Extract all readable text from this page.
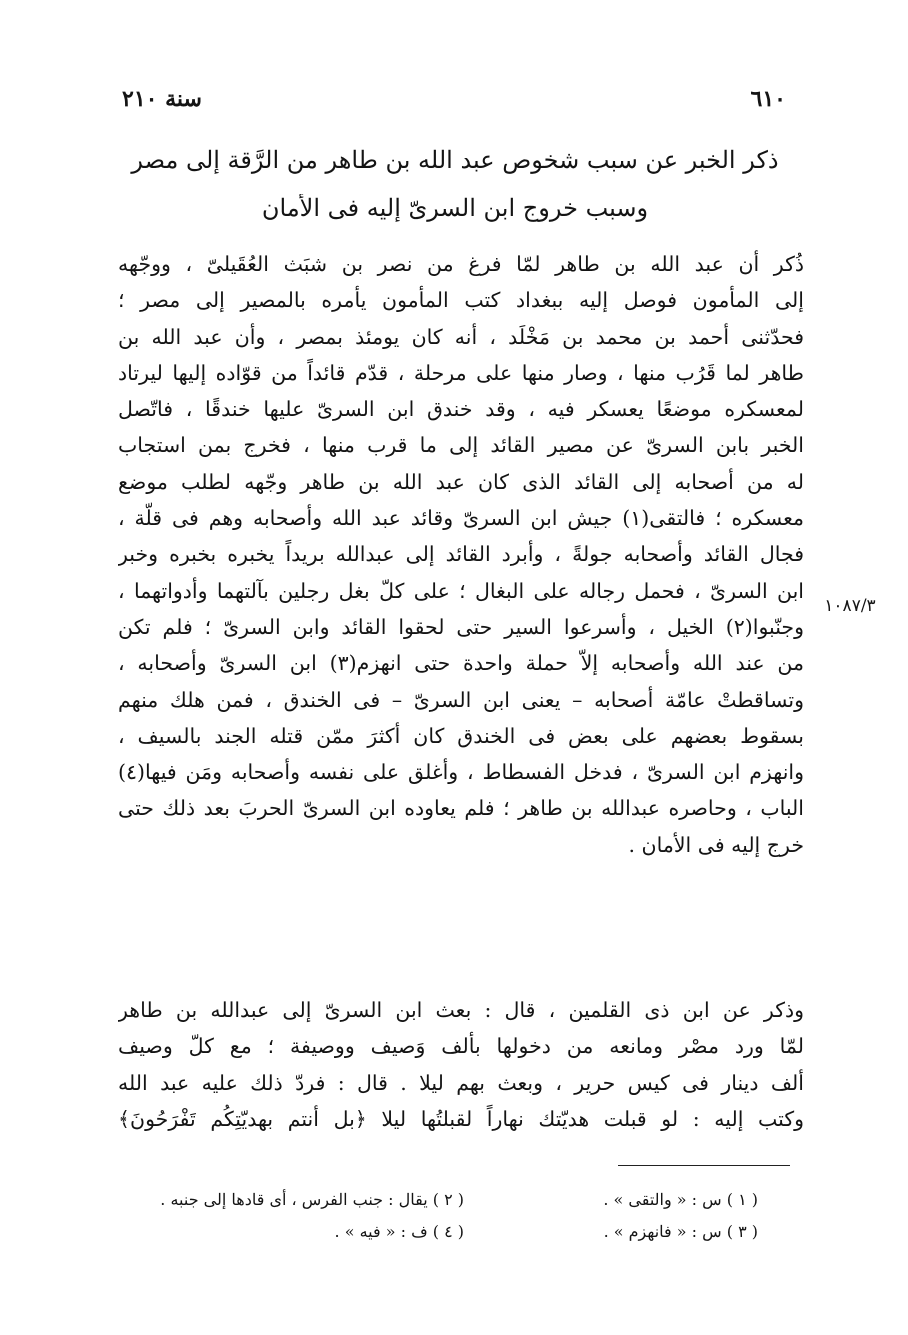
٦١٠
سنة ٢١٠
ذكر الخبر عن سبب شخوص عبد الله بن طاهر من الرَّقة إلى مصر
وسبب خروج ابن السرىّ إليه فى الأمان
ذُكر أن عبد الله بن طاهر لمّا فرغ من نصر بن شبَث العُقَيلىّ ، ووجّهه
إلى المأمون فوصل إليه ببغداد كتب المأمون يأمره بالمصير إلى مصر ؛
فحدّثنى أحمد بن محمد بن مَخْلَد ، أنه كان يومئذ بمصر ، وأن عبد الله بن
طاهر لما قَرُب منها ، وصار منها على مرحلة ، قدّم قائداً من قوّاده إليها ليرتاد
لمعسكره موضعًا يعسكر فيه ، وقد خندق ابن السرىّ عليها خندقًا ، فاتّصل
الخبر بابن السرىّ عن مصير القائد إلى ما قرب منها ، فخرج بمن استجاب
له من أصحابه إلى القائد الذى كان عبد الله بن طاهر وجّهه لطلب موضع
معسكره ؛ فالتقى(١) جيش ابن السرىّ وقائد عبد الله وأصحابه وهم فى قلّة ،
فجال القائد وأصحابه جولةً ، وأبرد القائد إلى عبدالله بريداً يخبره بخبره وخبر
ابن السرىّ ، فحمل رجاله على البغال ؛ على كلّ بغل رجلين بآلتهما وأدواتهما ،
وجنّبوا(٢) الخيل ، وأسرعوا السير حتى لحقوا القائد وابن السرىّ ؛ فلم تكن
من عند الله وأصحابه إلاّ حملة واحدة حتى انهزم(٣) ابن السرىّ وأصحابه ،
وتساقطتْ عامّة أصحابه – يعنى ابن السرىّ – فى الخندق ، فمن هلك منهم
بسقوط بعضهم على بعض فى الخندق كان أكثرَ ممّن قتله الجند بالسيف ،
وانهزم ابن السرىّ ، فدخل الفسطاط ، وأغلق على نفسه وأصحابه ومَن فيها(٤)
الباب ، وحاصره عبدالله بن طاهر ؛ فلم يعاوده ابن السرىّ الحربَ بعد ذلك حتى
خرج إليه فى الأمان .
١٠٨٧/٣
وذكر عن ابن ذى القلمين ، قال : بعث ابن السرىّ إلى عبدالله بن طاهر
لمّا ورد مصْر ومانعه من دخولها بألف وَصيف ووصيفة ؛ مع كلّ وصيف
ألف دينار فى كيس حرير ، وبعث بهم ليلا . قال : فردّ ذلك عليه عبد الله
وكتب إليه : لو قبلت هديّتك نهاراً لقبلتُها ليلا ﴿بل أنتم بهديّتِكُم تَفْرَحُونَ﴾
( ١ ) س : « والتقى » .
( ٢ ) يقال : جنب الفرس ، أى قادها إلى جنبه .
( ٣ ) س : « فانهزم » .
( ٤ ) ف : « فيه » .
